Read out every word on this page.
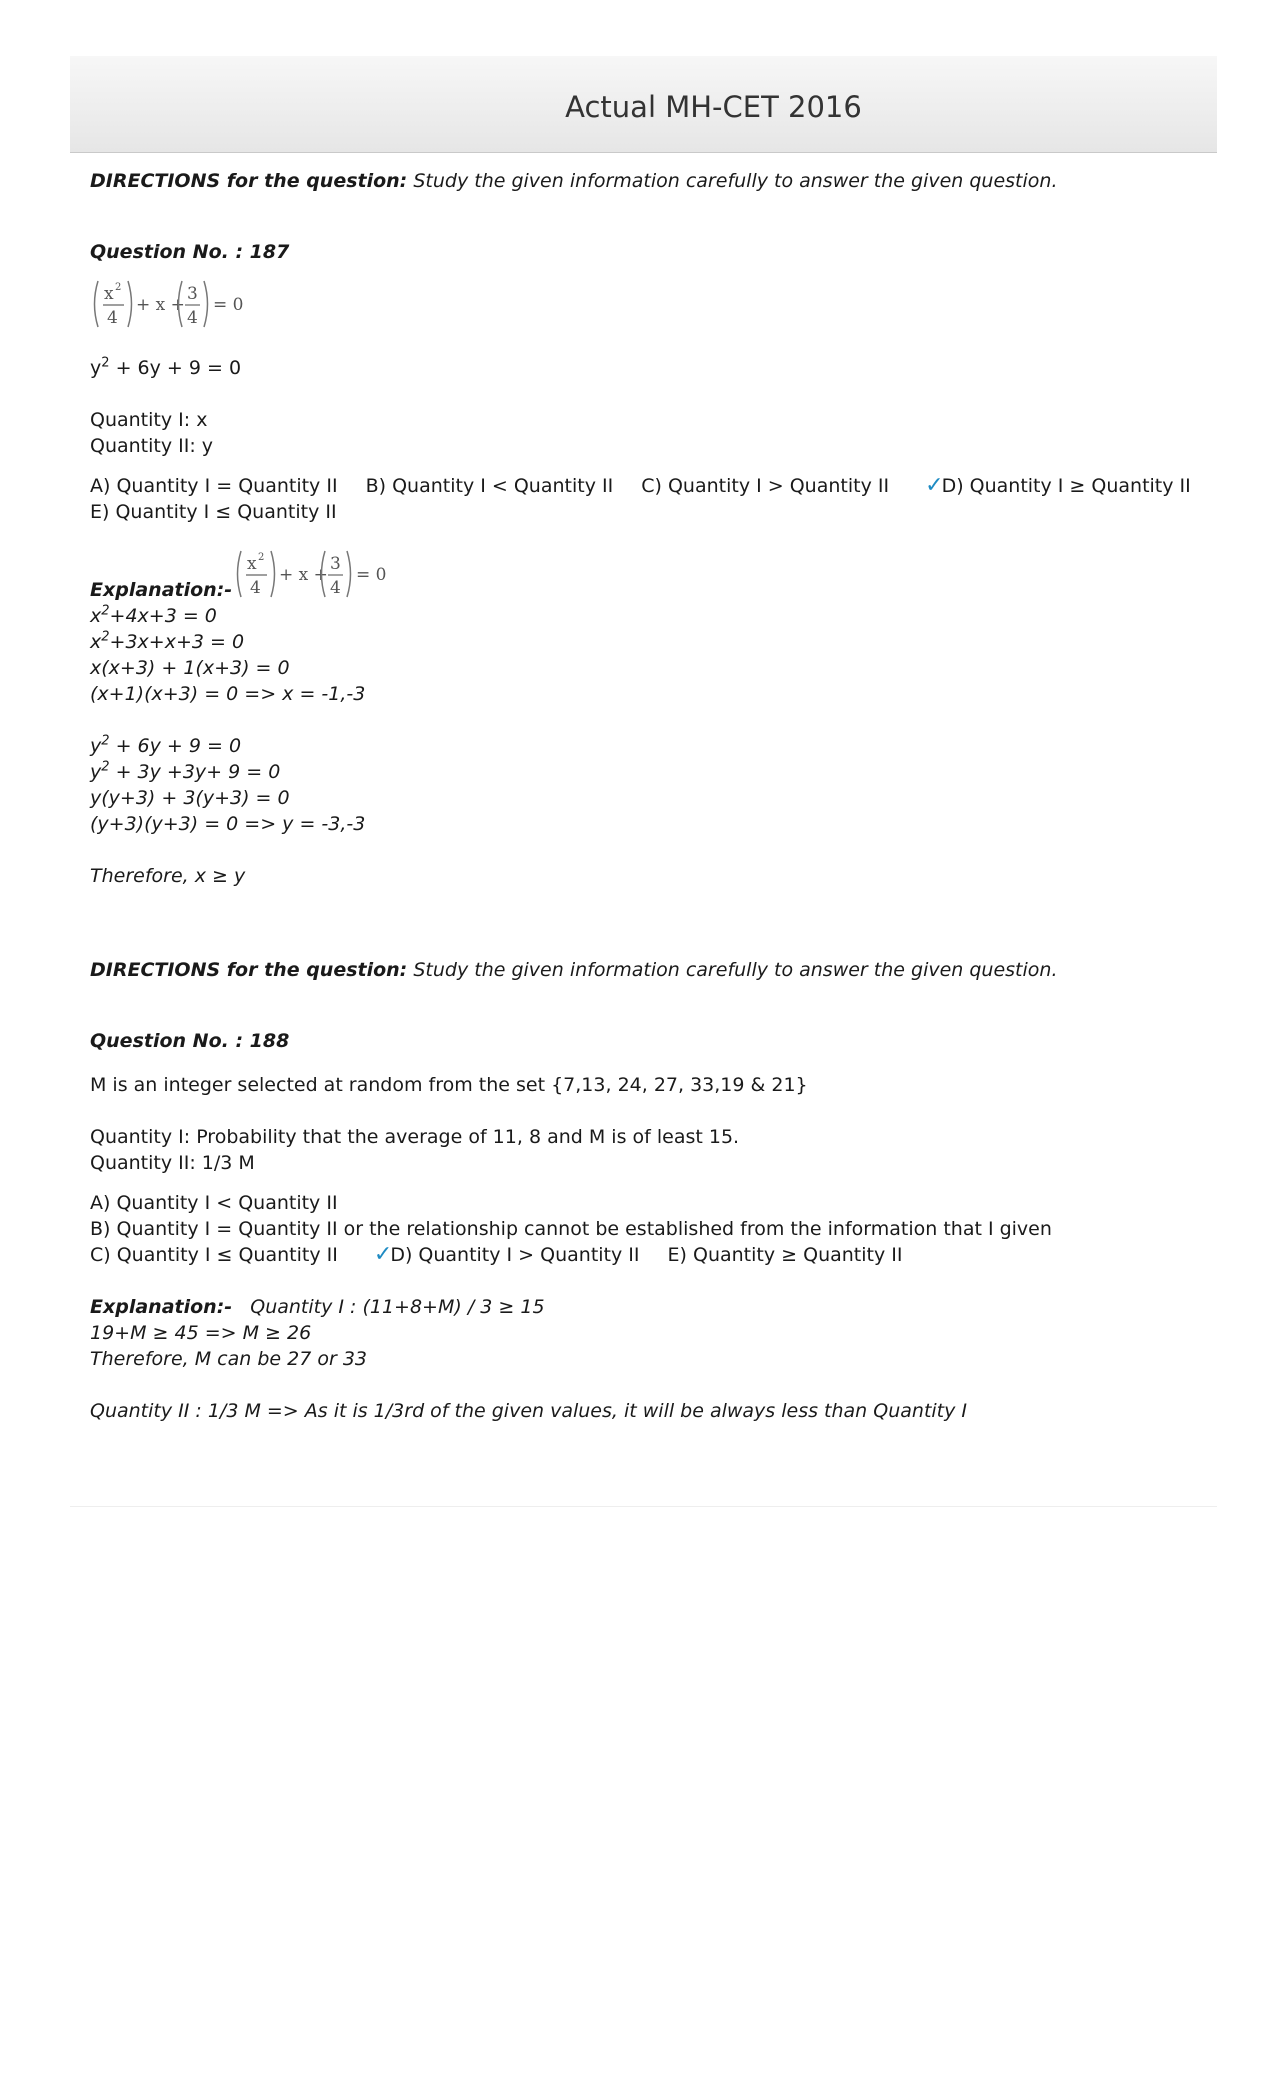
Actual MH-CET 2016
DIRECTIONS for the question: Study the given information carefully to answer the given question.
Question No. : 187
x 2
4
+ x +
3
4
= 0
$y^2 + 6y + 9 = 0$
Quantity I: x
Quantity II: y
A) Quantity I = Quantity II B) Quantity I < Quantity II C) Quantity I > Quantity II ✓D) Quantity I ≥ Quantity II
E) Quantity I ≤ Quantity II
x 2
4
+ x +
3
4
= 0
Explanation:-
$x^2+4x+3 = 0$
$x^2+3x+x+3 = 0$
x(x+3) + 1(x+3) = 0
(x+1)(x+3) = 0 => x = -1,-3
$y^2 + 6y + 9 = 0$
$y^2 + 3y +3y+ 9 = 0$
y(y+3) + 3(y+3) = 0
(y+3)(y+3) = 0 => y = -3,-3
Therefore, x ≥ y
DIRECTIONS for the question: Study the given information carefully to answer the given question.
Question No. : 188
M is an integer selected at random from the set {7,13, 24, 27, 33,19 & 21}
Quantity I: Probability that the average of 11, 8 and M is of least 15.
Quantity II: 1/3 M
A) Quantity I < Quantity II
B) Quantity I = Quantity II or the relationship cannot be established from the information that I given
C) Quantity I ≤ Quantity II ✓D) Quantity I > Quantity II E) Quantity ≥ Quantity II
Explanation:- Quantity I : (11+8+M) / 3 ≥ 15
19+M ≥ 45 => M ≥ 26
Therefore, M can be 27 or 33
Quantity II : 1/3 M => As it is 1/3rd of the given values, it will be always less than Quantity I
